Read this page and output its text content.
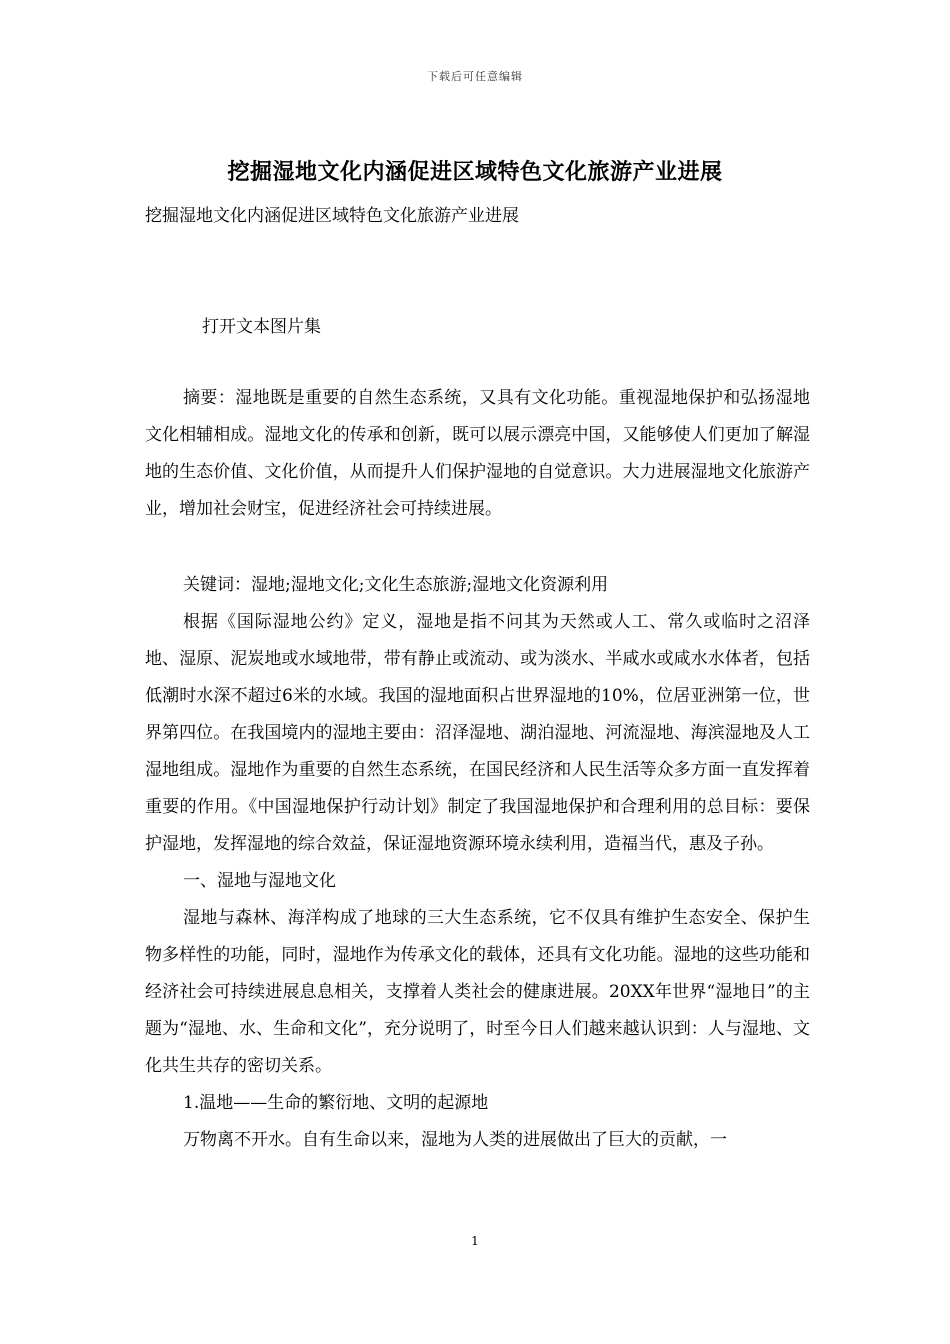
下载后可任意编辑
挖掘湿地文化内涵促进区域特色文化旅游产业进展
挖掘湿地文化内涵促进区域特色文化旅游产业进展
打开文本图片集

摘要：湿地既是重要的自然生态系统，又具有文化功能。重视湿地保护和弘扬湿地文化相辅相成。湿地文化的传承和创新，既可以展示漂亮中国，又能够使人们更加了解湿地的生态价值、文化价值，从而提升人们保护湿地的自觉意识。大力进展湿地文化旅游产业，增加社会财宝，促进经济社会可持续进展。

关键词：湿地;湿地文化;文化生态旅游;湿地文化资源利用

根据《国际湿地公约》定义，湿地是指不问其为天然或人工、常久或临时之沼泽地、湿原、泥炭地或水域地带，带有静止或流动、或为淡水、半咸水或咸水水体者，包括低潮时水深不超过6米的水域。我国的湿地面积占世界湿地的10%，位居亚洲第一位，世界第四位。在我国境内的湿地主要由：沼泽湿地、湖泊湿地、河流湿地、海滨湿地及人工湿地组成。湿地作为重要的自然生态系统，在国民经济和人民生活等众多方面一直发挥着重要的作用。《中国湿地保护行动计划》制定了我国湿地保护和合理利用的总目标：要保护湿地，发挥湿地的综合效益，保证湿地资源环境永续利用，造福当代，惠及子孙。

一、湿地与湿地文化

湿地与森林、海洋构成了地球的三大生态系统，它不仅具有维护生态安全、保护生物多样性的功能，同时，湿地作为传承文化的载体，还具有文化功能。湿地的这些功能和经济社会可持续进展息息相关，支撑着人类社会的健康进展。20XX年世界“湿地日”的主题为“湿地、水、生命和文化”，充分说明了，时至今日人们越来越认识到：人与湿地、文化共生共存的密切关系。

1.温地——生命的繁衍地、文明的起源地

万物离不开水。自有生命以来，湿地为人类的进展做出了巨大的贡献，一

1
